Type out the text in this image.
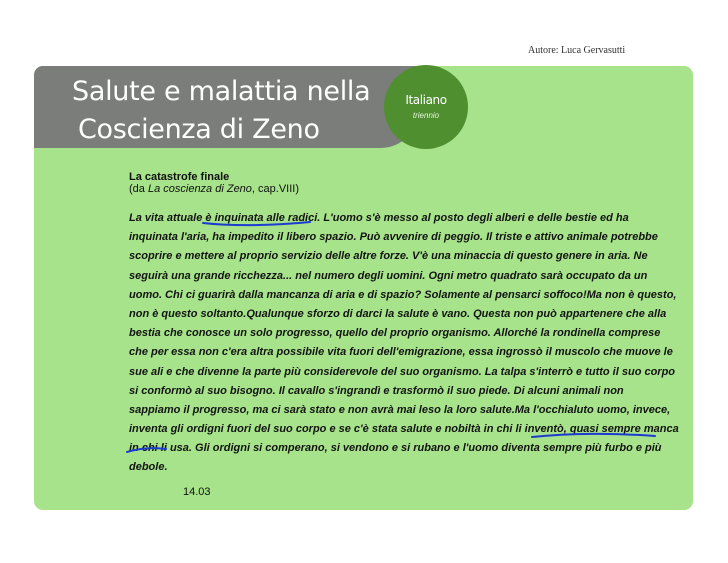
Autore: Luca Gervasutti
Salute e malattia nella
Coscienza di Zeno
Italiano
triennio
La catastrofe finale
(da La coscienza di Zeno, cap.VIII)
La vita attuale è inquinata alle radici. L'uomo s'è messo al posto degli alberi e delle bestie ed ha
inquinata l'aria, ha impedito il libero spazio. Può avvenire di peggio. Il triste e attivo animale potrebbe
scoprire e mettere al proprio servizio delle altre forze. V'è una minaccia di questo genere in aria. Ne
seguirà una grande ricchezza... nel numero degli uomini. Ogni metro quadrato sarà occupato da un
uomo. Chi ci guarirà dalla mancanza di aria e di spazio? Solamente al pensarci soffoco!Ma non è questo,
non è questo soltanto.Qualunque sforzo di darci la salute è vano. Questa non può appartenere che alla
bestia che conosce un solo progresso, quello del proprio organismo. Allorché la rondinella comprese
che per essa non c'era altra possibile vita fuori dell'emigrazione, essa ingrossò il muscolo che muove le
sue ali e che divenne la parte più considerevole del suo organismo. La talpa s'interrò e tutto il suo corpo
si conformò al suo bisogno. Il cavallo s'ingrandì e trasformò il suo piede. Di alcuni animali non
sappiamo il progresso, ma ci sarà stato e non avrà mai leso la loro salute.Ma l'occhialuto uomo, invece,
inventa gli ordigni fuori del suo corpo e se c'è stata salute e nobiltà in chi li inventò, quasi sempre manca
in chi li usa. Gli ordigni si comperano, si vendono e si rubano e l'uomo diventa sempre più furbo e più
debole.
14.03
